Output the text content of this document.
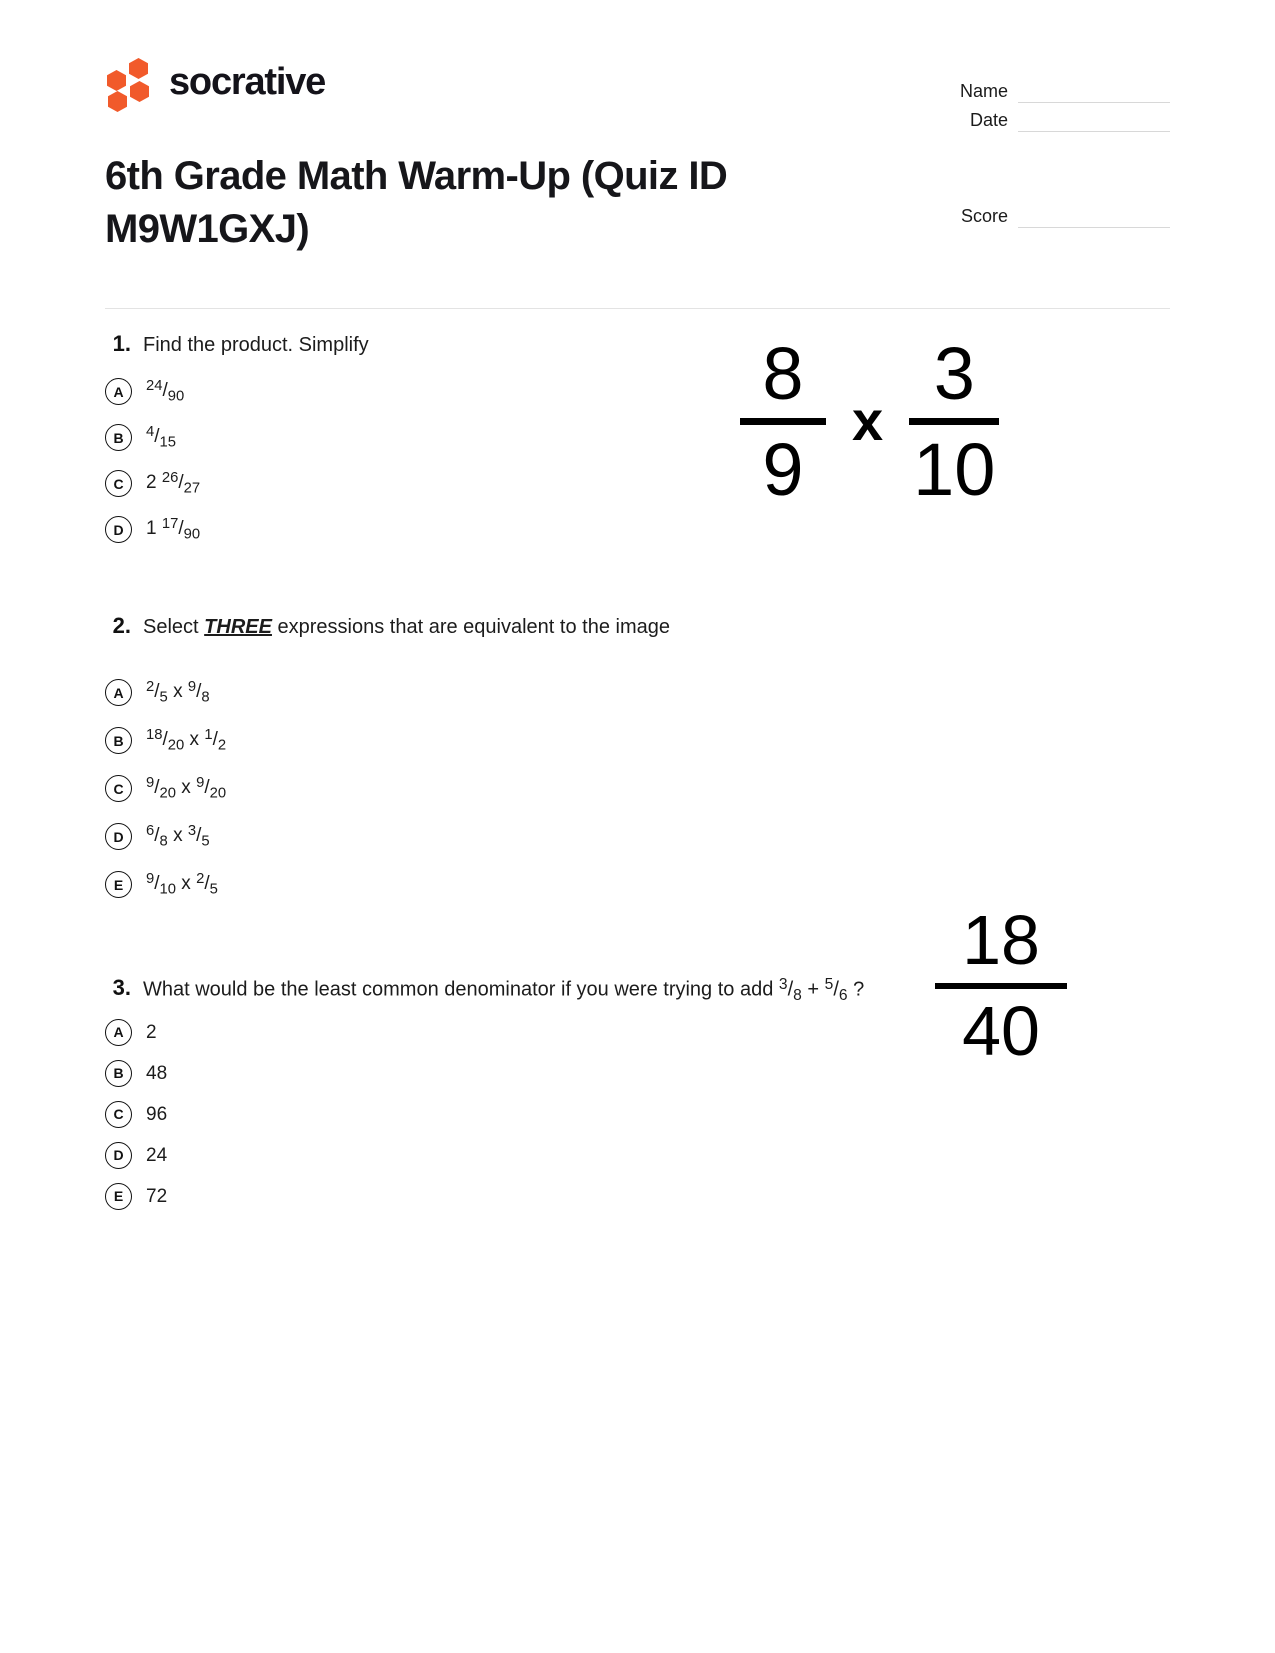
socrative
6th Grade Math Warm-Up (Quiz ID M9W1GXJ)
Name
Date
Score
1. Find the product. Simplify	8
9
x
3
10
A	$^{24}/_{90}$
B	$^4/_{15}$
C	2 $^{26}/_{27}$
D	1 $^{17}/_{90}$
2. Select THREE expressions that are equivalent to the image
18
40
A	$^2/_5$ x $^9/_8$
B	$^{18}/_{20}$ x $^1/_2$
C	$^9/_{20}$ x $^9/_{20}$
D	$^6/_8$ x $^3/_5$
E	$^9/_{10}$ x $^2/_5$
3. What would be the least common denominator if you were trying to add $^3/_8 + ^5/_6$ ?
A	2
B	48
C	96
D	24
E	72
